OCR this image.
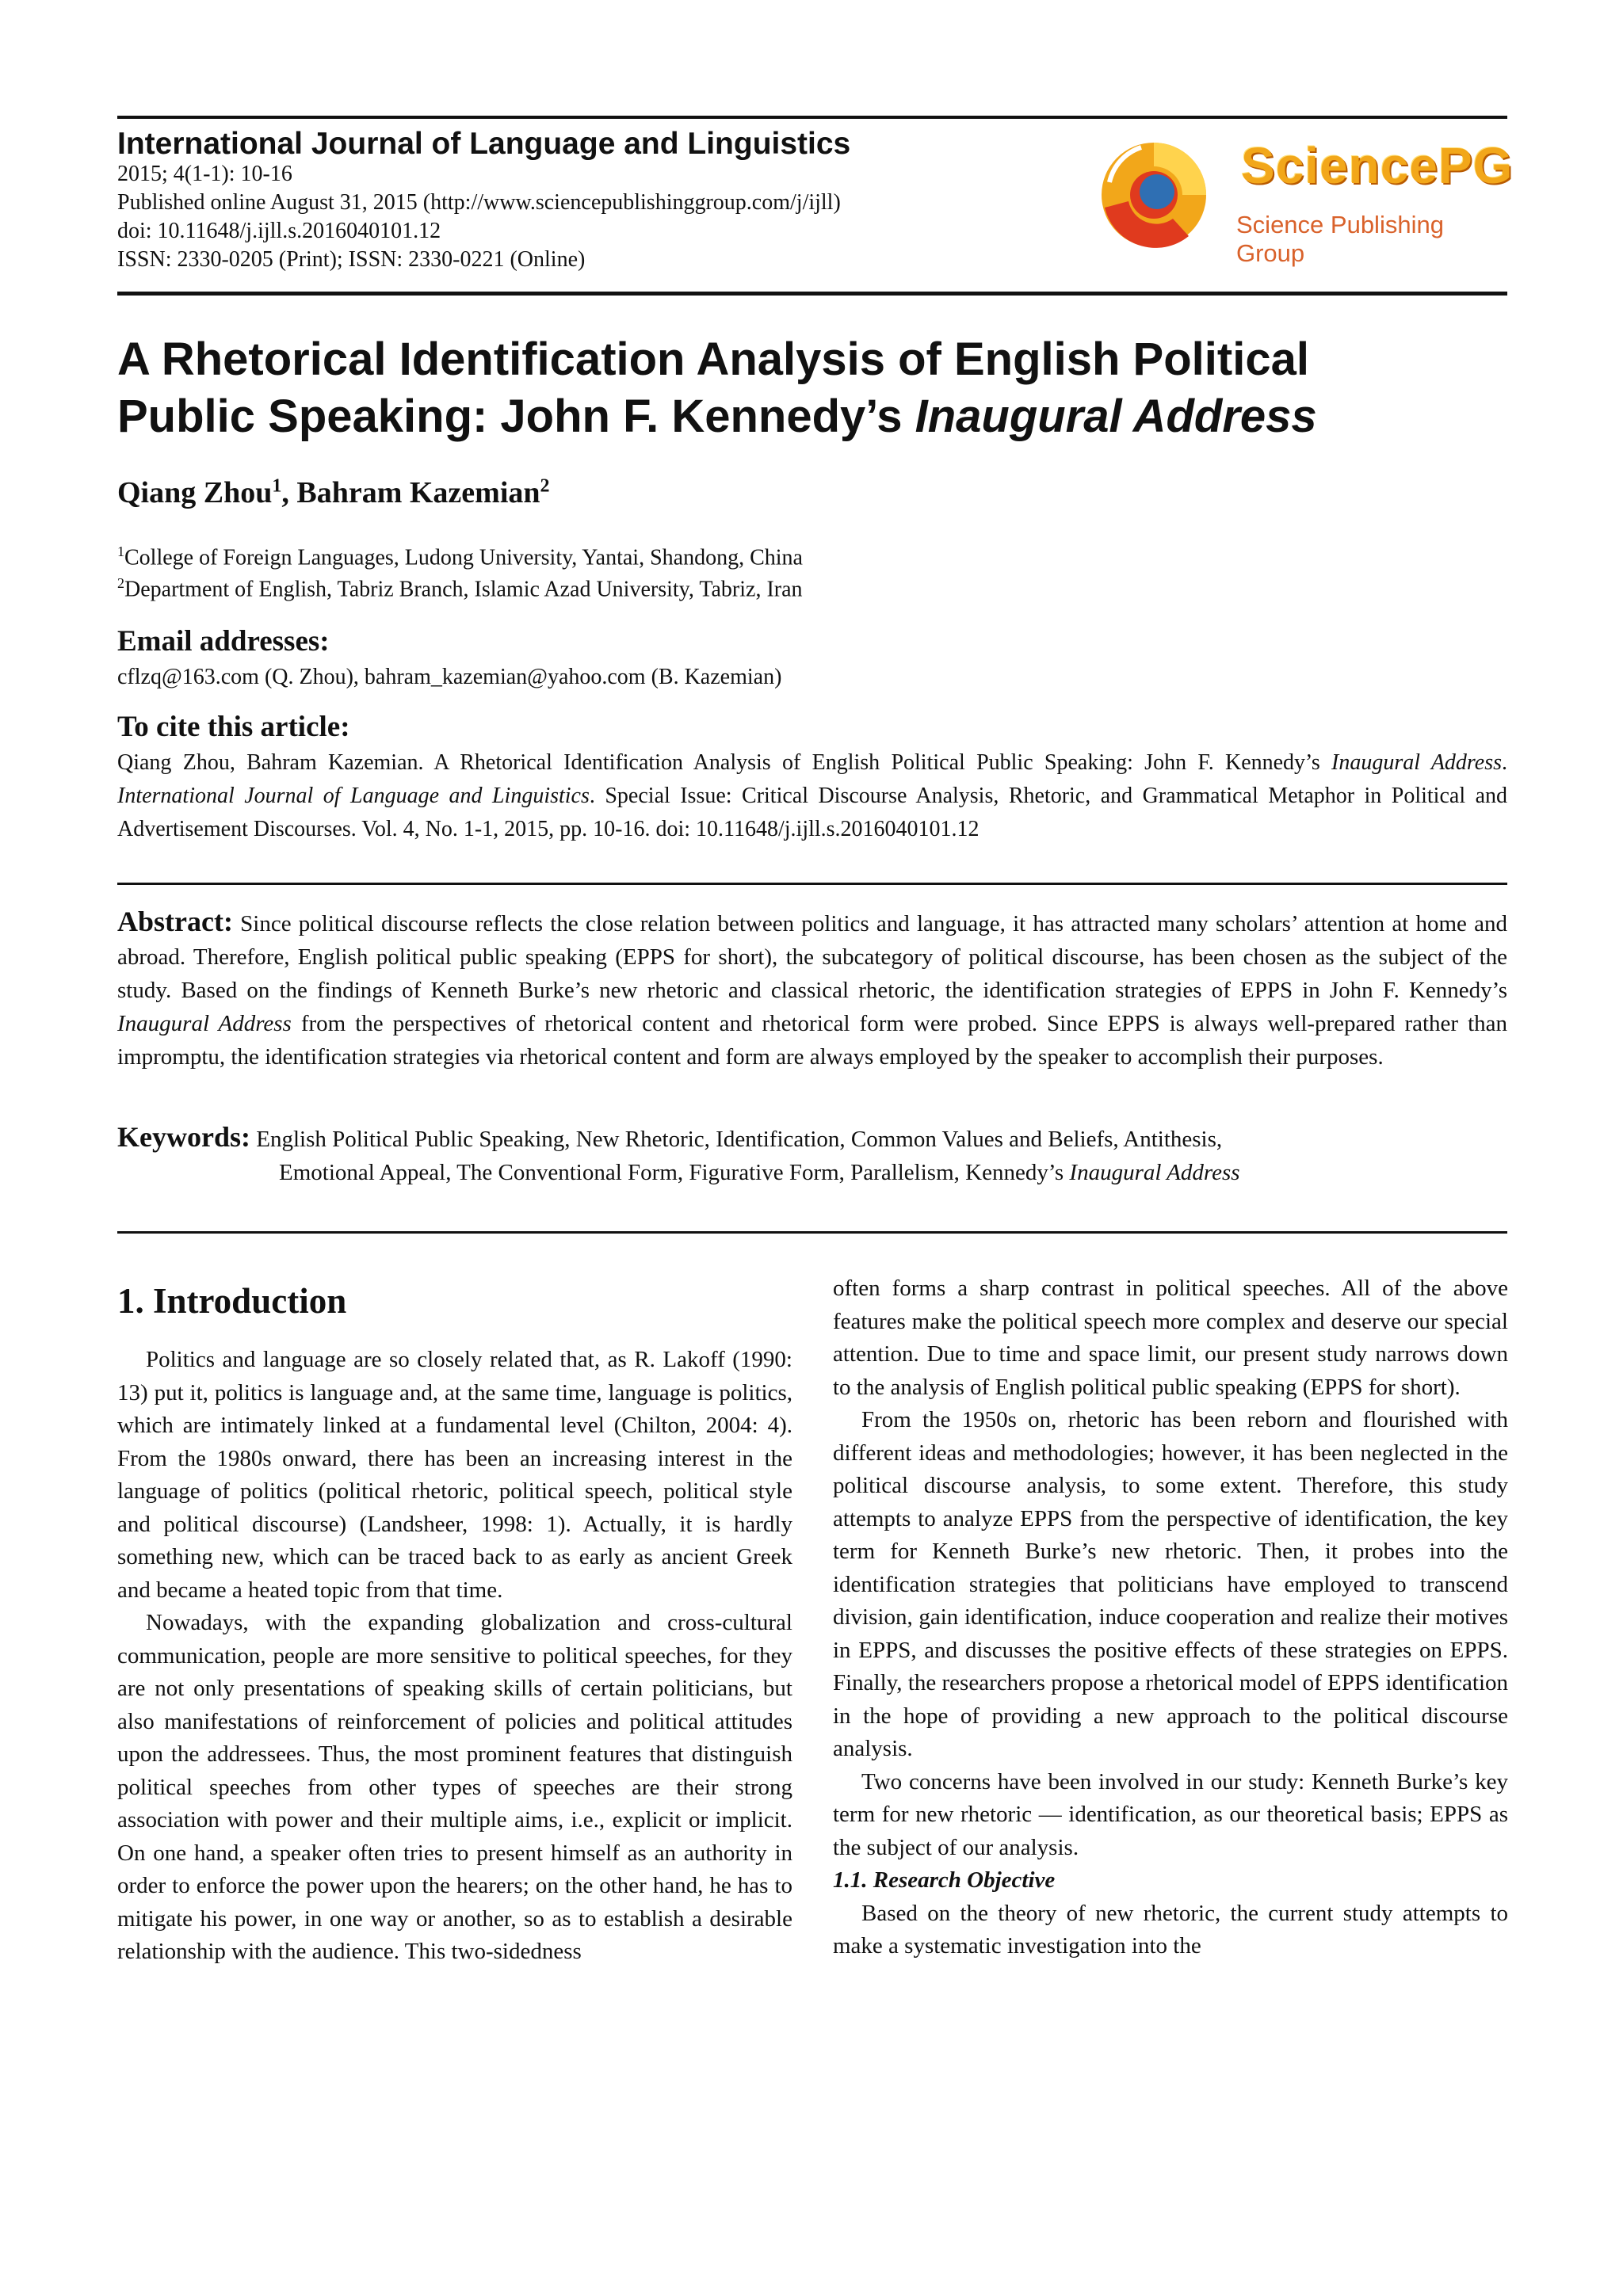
International Journal of Language and Linguistics
2015; 4(1-1): 10-16
Published online August 31, 2015 (http://www.sciencepublishinggroup.com/j/ijll)
doi: 10.11648/j.ijll.s.2016040101.12
ISSN: 2330-0205 (Print); ISSN: 2330-0221 (Online)
SciencePG
Science Publishing Group
A Rhetorical Identification Analysis of English Political
Public Speaking: John F. Kennedy’s Inaugural Address
Qiang Zhou$^1$, Bahram Kazemian$^2$
$^1$College of Foreign Languages, Ludong University, Yantai, Shandong, China
$^2$Department of English, Tabriz Branch, Islamic Azad University, Tabriz, Iran
Email addresses:
cflzq@163.com (Q. Zhou), bahram_kazemian@yahoo.com (B. Kazemian)
To cite this article:
Qiang Zhou, Bahram Kazemian. A Rhetorical Identification Analysis of English Political Public Speaking: John F. Kennedy’s Inaugural Address. International Journal of Language and Linguistics. Special Issue: Critical Discourse Analysis, Rhetoric, and Grammatical Metaphor in Political and Advertisement Discourses. Vol. 4, No. 1-1, 2015, pp. 10-16. doi: 10.11648/j.ijll.s.2016040101.12
Abstract: Since political discourse reflects the close relation between politics and language, it has attracted many scholars’ attention at home and abroad. Therefore, English political public speaking (EPPS for short), the subcategory of political discourse, has been chosen as the subject of the study. Based on the findings of Kenneth Burke’s new rhetoric and classical rhetoric, the identification strategies of EPPS in John F. Kennedy’s Inaugural Address from the perspectives of rhetorical content and rhetorical form were probed. Since EPPS is always well-prepared rather than impromptu, the identification strategies via rhetorical content and form are always employed by the speaker to accomplish their purposes.
Keywords: English Political Public Speaking, New Rhetoric, Identification, Common Values and Beliefs, Antithesis,
Emotional Appeal, The Conventional Form, Figurative Form, Parallelism, Kennedy’s Inaugural Address
1. Introduction

Politics and language are so closely related that, as R. Lakoff (1990: 13) put it, politics is language and, at the same time, language is politics, which are intimately linked at a fundamental level (Chilton, 2004: 4). From the 1980s onward, there has been an increasing interest in the language of politics (political rhetoric, political speech, political style and political discourse) (Landsheer, 1998: 1). Actually, it is hardly something new, which can be traced back to as early as ancient Greek and became a heated topic from that time.

Nowadays, with the expanding globalization and cross-cultural communication, people are more sensitive to political speeches, for they are not only presentations of speaking skills of certain politicians, but also manifestations of reinforcement of policies and political attitudes upon the addressees. Thus, the most prominent features that distinguish political speeches from other types of speeches are their strong association with power and their multiple aims, i.e., explicit or implicit. On one hand, a speaker often tries to present himself as an authority in order to enforce the power upon the hearers; on the other hand, he has to mitigate his power, in one way or another, so as to establish a desirable relationship with the audience. This two-sidedness

often forms a sharp contrast in political speeches. All of the above features make the political speech more complex and deserve our special attention. Due to time and space limit, our present study narrows down to the analysis of English political public speaking (EPPS for short).

From the 1950s on, rhetoric has been reborn and flourished with different ideas and methodologies; however, it has been neglected in the political discourse analysis, to some extent. Therefore, this study attempts to analyze EPPS from the perspective of identification, the key term for Kenneth Burke’s new rhetoric. Then, it probes into the identification strategies that politicians have employed to transcend division, gain identification, induce cooperation and realize their motives in EPPS, and discusses the positive effects of these strategies on EPPS. Finally, the researchers propose a rhetorical model of EPPS identification in the hope of providing a new approach to the political discourse analysis.

Two concerns have been involved in our study: Kenneth Burke’s key term for new rhetoric — identification, as our theoretical basis; EPPS as the subject of our analysis.

1.1. Research Objective

Based on the theory of new rhetoric, the current study attempts to make a systematic investigation into the
